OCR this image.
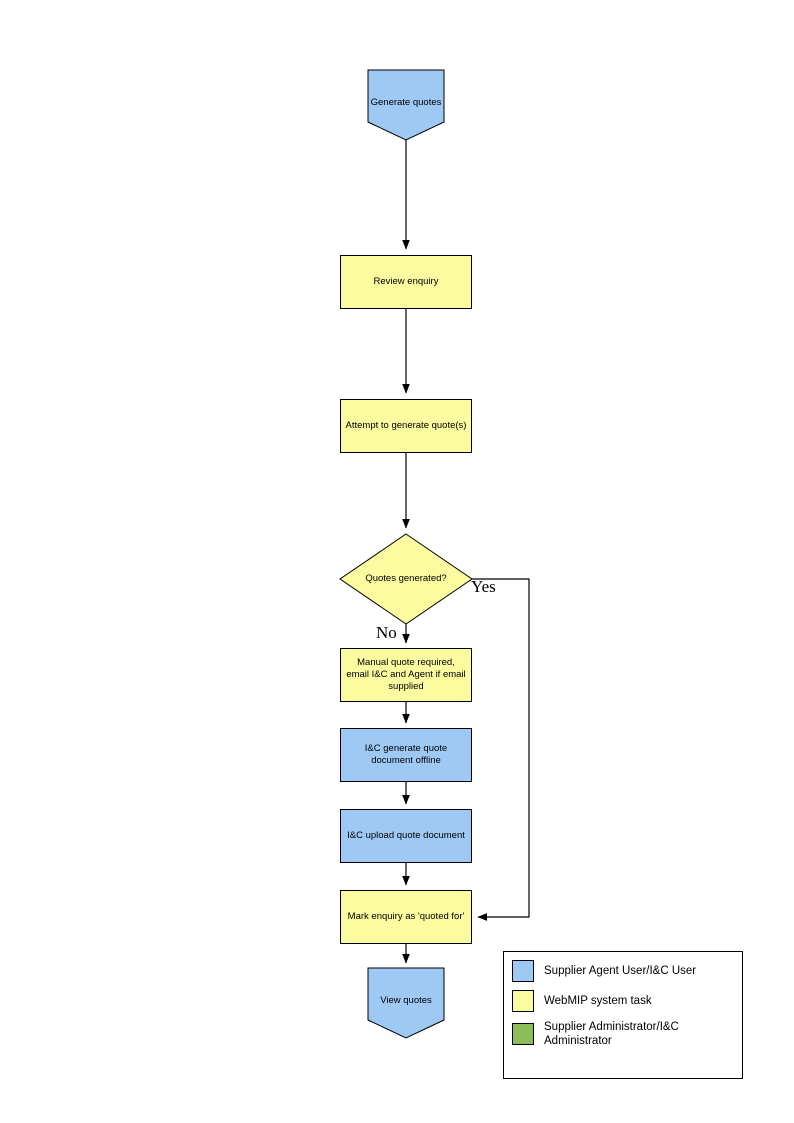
Generate quotes
Quotes generated?
View quotes
Review enquiry
Attempt to generate quote(s)
Manual quote required, email I&C and Agent if email supplied
I&C generate quote document offline
I&C upload quote document
Mark enquiry as 'quoted for'
Yes
No
Supplier Agent User/I&C User
WebMIP system task
Supplier Administrator/I&C Administrator
